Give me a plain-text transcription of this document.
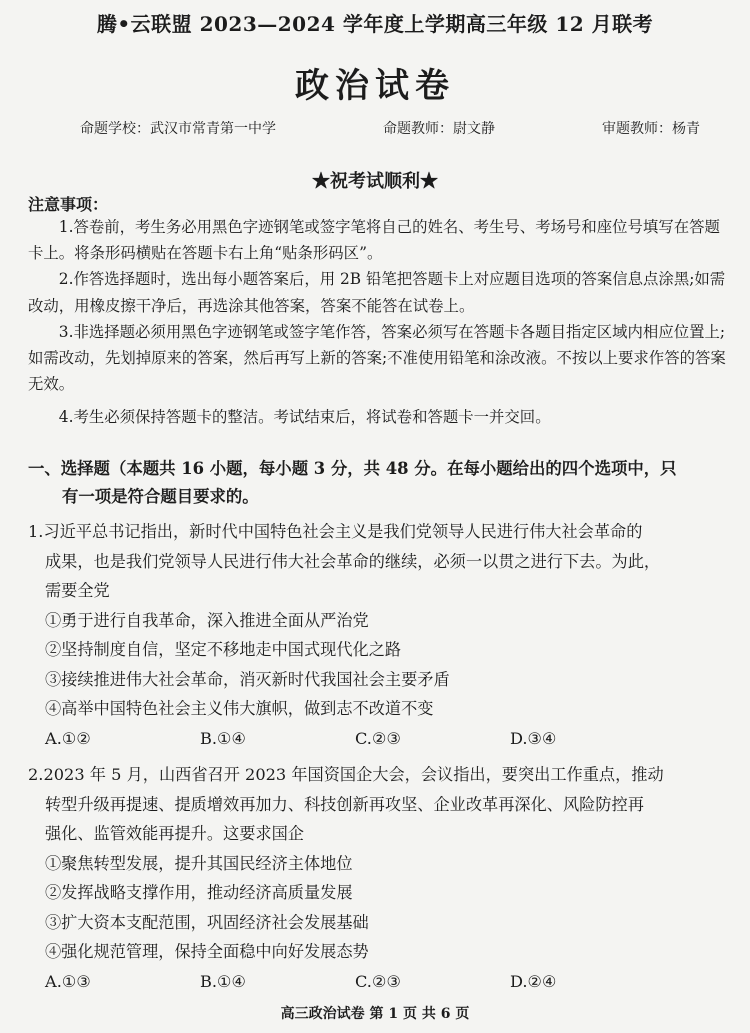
腾•云联盟 2023—2024 学年度上学期高三年级 12 月联考
政治试卷
命题学校：武汉市常青第一中学	命题教师：尉文静	审题教师：杨青
★祝考试顺利★
注意事项：

1.答卷前，考生务必用黑色字迹钢笔或签字笔将自己的姓名、考生号、考场号和座位号填写在答题卡上。将条形码横贴在答题卡右上角“贴条形码区”。

2.作答选择题时，选出每小题答案后，用 2B 铅笔把答题卡上对应题目选项的答案信息点涂黑;如需改动，用橡皮擦干净后，再选涂其他答案，答案不能答在试卷上。

3.非选择题必须用黑色字迹钢笔或签字笔作答，答案必须写在答题卡各题目指定区域内相应位置上;如需改动，先划掉原来的答案，然后再写上新的答案;不准使用铅笔和涂改液。不按以上要求作答的答案无效。

4.考生必须保持答题卡的整洁。考试结束后，将试卷和答题卡一并交回。

一、选择题（本题共 16 小题，每小题 3 分，共 48 分。在每小题给出的四个选项中，只
有一项是符合题目要求的。
1.习近平总书记指出，新时代中国特色社会主义是我们党领导人民进行伟大社会革命的
成果，也是我们党领导人民进行伟大社会革命的继续，必须一以贯之进行下去。为此，
需要全党
①勇于进行自我革命，深入推进全面从严治党
②坚持制度自信，坚定不移地走中国式现代化之路
③接续推进伟大社会革命，消灭新时代我国社会主要矛盾
④高举中国特色社会主义伟大旗帜，做到志不改道不变
A.①②	B.①④	C.②③	D.③④
2.2023 年 5 月，山西省召开 2023 年国资国企大会，会议指出，要突出工作重点，推动
转型升级再提速、提质增效再加力、科技创新再攻坚、企业改革再深化、风险防控再
强化、监管效能再提升。这要求国企
①聚焦转型发展，提升其国民经济主体地位
②发挥战略支撑作用，推动经济高质量发展
③扩大资本支配范围，巩固经济社会发展基础
④强化规范管理，保持全面稳中向好发展态势
A.①③	B.①④	C.②③	D.②④
高三政治试卷 第 1 页 共 6 页
